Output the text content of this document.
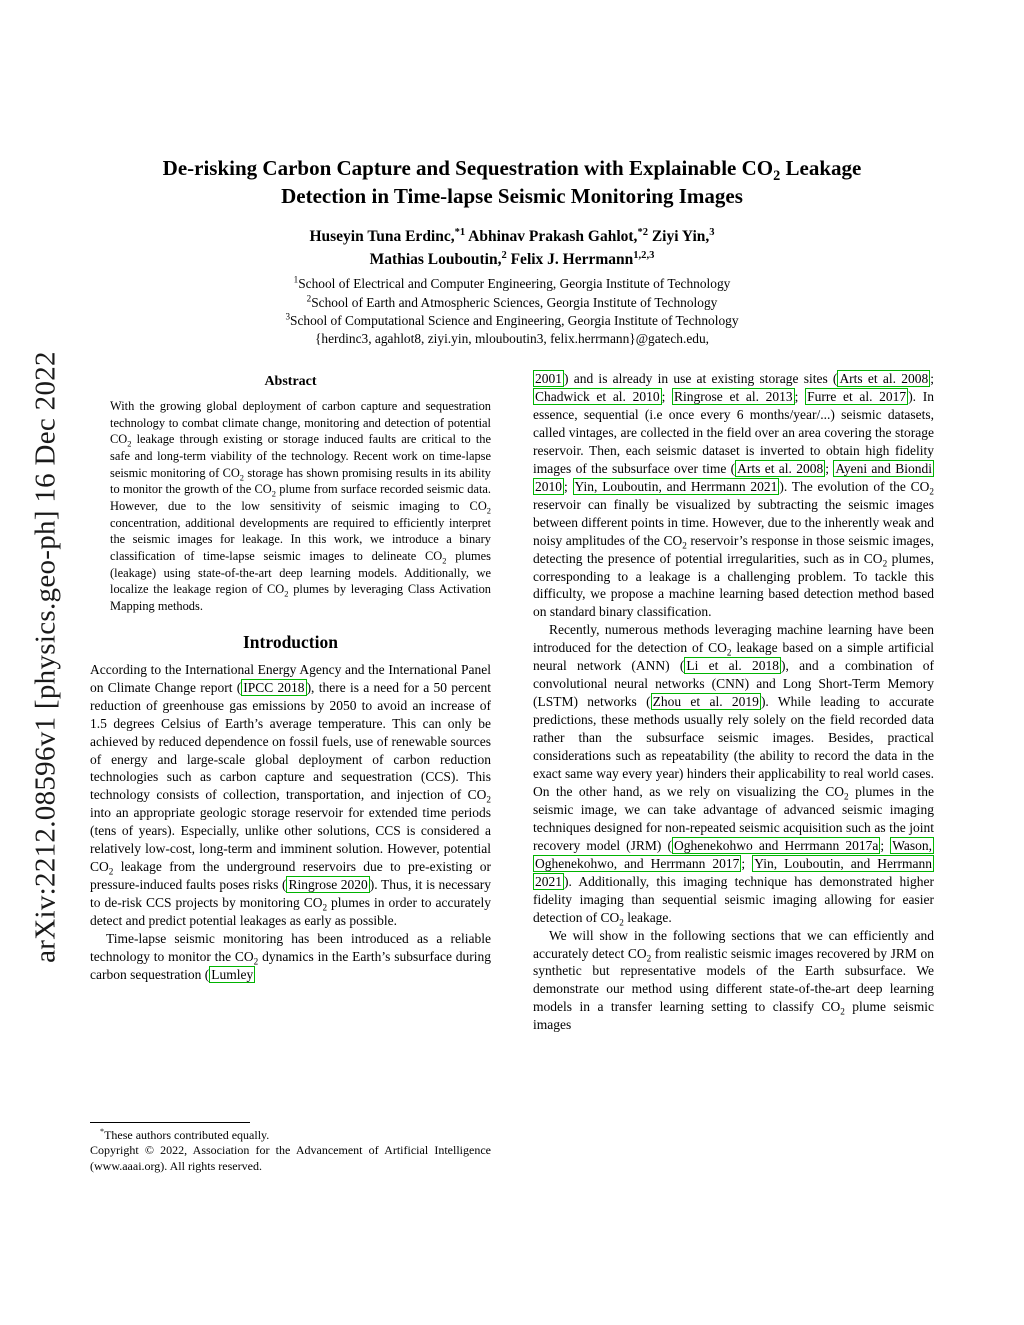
arXiv:2212.08596v1 [physics.geo-ph] 16 Dec 2022
De-risking Carbon Capture and Sequestration with Explainable $CO_2$ Leakage
Detection in Time-lapse Seismic Monitoring Images
Huseyin Tuna Erdinc,$^{*1}$ Abhinav Prakash Gahlot,$^{*2}$ Ziyi Yin,$^3$
Mathias Louboutin,$^2$ Felix J. Herrmann$^{1,2,3}$
$^1$School of Electrical and Computer Engineering, Georgia Institute of Technology
$^2$School of Earth and Atmospheric Sciences, Georgia Institute of Technology
$^3$School of Computational Science and Engineering, Georgia Institute of Technology
{herdinc3, agahlot8, ziyi.yin, mlouboutin3, felix.herrmann}@gatech.edu,
Abstract

With the growing global deployment of carbon capture and sequestration technology to combat climate change, monitoring and detection of potential $CO_2$ leakage through existing or storage induced faults are critical to the safe and long-term viability of the technology. Recent work on time-lapse seismic monitoring of $CO_2$ storage has shown promising results in its ability to monitor the growth of the $CO_2$ plume from surface recorded seismic data. However, due to the low sensitivity of seismic imaging to $CO_2$ concentration, additional developments are required to efficiently interpret the seismic images for leakage. In this work, we introduce a binary classification of time-lapse seismic images to delineate $CO_2$ plumes (leakage) using state-of-the-art deep learning models. Additionally, we localize the leakage region of $CO_2$ plumes by leveraging Class Activation Mapping methods.

Introduction

According to the International Energy Agency and the International Panel on Climate Change report ( IPCC 2018 ), there is a need for a 50 percent reduction of greenhouse gas emissions by 2050 to avoid an increase of 1.5 degrees Celsius of Earth’s average temperature. This can only be achieved by reduced dependence on fossil fuels, use of renewable sources of energy and large-scale global deployment of carbon reduction technologies such as carbon capture and sequestration (CCS). This technology consists of collection, transportation, and injection of $CO_2$ into an appropriate geologic storage reservoir for extended time periods (tens of years). Especially, unlike other solutions, CCS is considered a relatively low-cost, long-term and imminent solution. However, potential $CO_2$ leakage from the underground reservoirs due to pre-existing or pressure-induced faults poses risks ( Ringrose 2020 ). Thus, it is necessary to de-risk CCS projects by monitoring $CO_2$ plumes in order to accurately detect and predict potential leakages as early as possible.

Time-lapse seismic monitoring has been introduced as a reliable technology to monitor the $CO_2$ dynamics in the Earth’s subsurface during carbon sequestration ( Lumley

*These authors contributed equally.
Copyright © 2022, Association for the Advancement of Artificial Intelligence (www.aaai.org). All rights reserved.

2001 ) and is already in use at existing storage sites ( Arts et al. 2008 ; Chadwick et al. 2010 ; Ringrose et al. 2013 ; Furre et al. 2017 ). In essence, sequential (i.e once every 6 months/year/...) seismic datasets, called vintages, are collected in the field over an area covering the storage reservoir. Then, each seismic dataset is inverted to obtain high fidelity images of the subsurface over time ( Arts et al. 2008 ; Ayeni and Biondi 2010 ; Yin, Louboutin, and Herrmann 2021 ). The evolution of the $CO_2$ reservoir can finally be visualized by subtracting the seismic images between different points in time. However, due to the inherently weak and noisy amplitudes of the $CO_2$ reservoir’s response in those seismic images, detecting the presence of potential irregularities, such as in $CO_2$ plumes, corresponding to a leakage is a challenging problem. To tackle this difficulty, we propose a machine learning based detection method based on standard binary classification.

Recently, numerous methods leveraging machine learning have been introduced for the detection of $CO_2$ leakage based on a simple artificial neural network (ANN) ( Li et al. 2018 ), and a combination of convolutional neural networks (CNN) and Long Short-Term Memory (LSTM) networks ( Zhou et al. 2019 ). While leading to accurate predictions, these methods usually rely solely on the field recorded data rather than the subsurface seismic images. Besides, practical considerations such as repeatability (the ability to record the data in the exact same way every year) hinders their applicability to real world cases. On the other hand, as we rely on visualizing the $CO_2$ plumes in the seismic image, we can take advantage of advanced seismic imaging techniques designed for non-repeated seismic acquisition such as the joint recovery model (JRM) ( Oghenekohwo and Herrmann 2017a ; Wason, Oghenekohwo, and Herrmann 2017 ; Yin, Louboutin, and Herrmann 2021 ). Additionally, this imaging technique has demonstrated higher fidelity imaging than sequential seismic imaging allowing for easier detection of $CO_2$ leakage.

We will show in the following sections that we can efficiently and accurately detect $CO_2$ from realistic seismic images recovered by JRM on synthetic but representative models of the Earth subsurface. We demonstrate our method using different state-of-the-art deep learning models in a transfer learning setting to classify $CO_2$ plume seismic images
